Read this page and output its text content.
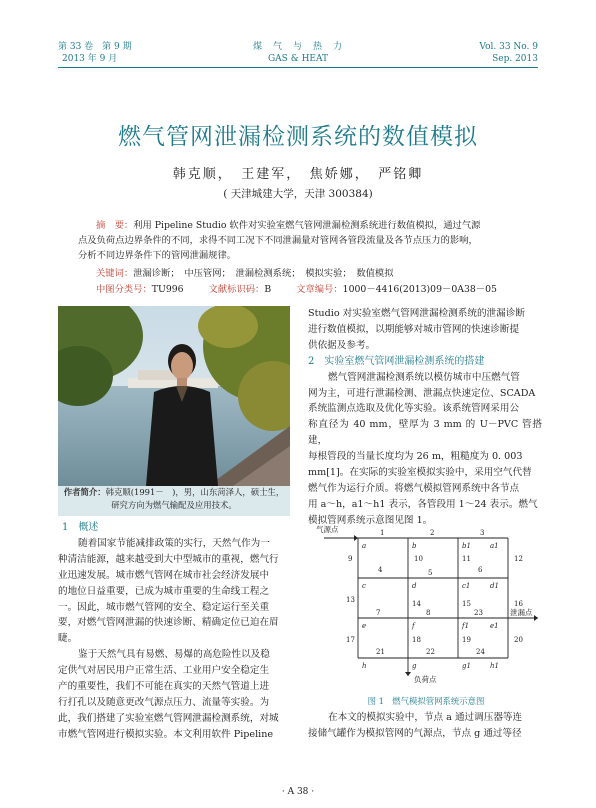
第 33 卷　第 9 期
2013 年 9 月
煤　气　与　热　力
GAS & HEAT
Vol. 33 No. 9
Sep. 2013
燃气管网泄漏检测系统的数值模拟
韩克顺，　王建军，　焦娇娜，　严铭卿
( 天津城建大学，天津 300384)
摘　要：利用 Pipeline Studio 软件对实验室燃气管网泄漏检测系统进行数值模拟，通过气源
点及负荷点边界条件的不同，求得不同工况下不同泄漏量对管网各管段流量及各节点压力的影响，
分析不同边界条件下的管网泄漏规律。
关键词：泄漏诊断；　中压管网；　泄漏检测系统；　模拟实验；　数值模拟
中图分类号：TU996	文献标识码：B	文章编号：1000－4416(2013)09－0A38－05
作者简介：韩克顺(1991－　)，男，山东菏泽人，硕士生，
研究方向为燃气输配及应用技术。
1　概述
随着国家节能减排政策的实行，天然气作为一
种清洁能源，越来越受到大中型城市的重视，燃气行
业迅速发展。城市燃气管网在城市社会经济发展中
的地位日益重要，已成为城市重要的生命线工程之
一。因此，城市燃气管网的安全、稳定运行至关重
要，对燃气管网泄漏的快速诊断、精确定位已迫在眉
睫。
鉴于天然气具有易燃、易爆的高危险性以及稳
定供气对居民用户正常生活、工业用户安全稳定生
产的重要性，我们不可能在真实的天然气管道上进
行打孔以及随意更改气源点压力、流量等实验。为
此，我们搭建了实验室燃气管网泄漏检测系统，对城
市燃气管网进行模拟实验。本文利用软件 Pipeline
Studio 对实验室燃气管网泄漏检测系统的泄漏诊断
进行数值模拟，以期能够对城市管网的快速诊断提
供依据及参考。
2　实验室燃气管网泄漏检测系统的搭建
燃气管网泄漏检测系统以模仿城市中压燃气管
网为主，可进行泄漏检测、泄漏点快速定位、SCADA
系统监测点选取及优化等实验。该系统管网采用公
称直径为 40 mm，壁厚为 3 mm 的 U－PVC 管搭建，
每根管段的当量长度均为 26 m，粗糙度为 0. 003
mm[1]。在实际的实验室模拟实验中，采用空气代替
燃气作为运行介质。将燃气模拟管网系统中各节点
用 a～h，a1～h1 表示，各管段用 1～24 表示。燃气
模拟管网系统示意图见图 1。
气源点
泄漏点
负荷点
a	b	b1	a1
c	d	c1	d1
e	f	f1	e1
h	g	g1	h1
1	2	3
4	5	6
7	8
9	10	11	12
13	14	15	16
17	18	19	20
21	22
23
24
图 1　燃气模拟管网系统示意图
在本文的模拟实验中，节点 a 通过调压器等连
接储气罐作为模拟管网的气源点，节点 g 通过等径
· A 38 ·
